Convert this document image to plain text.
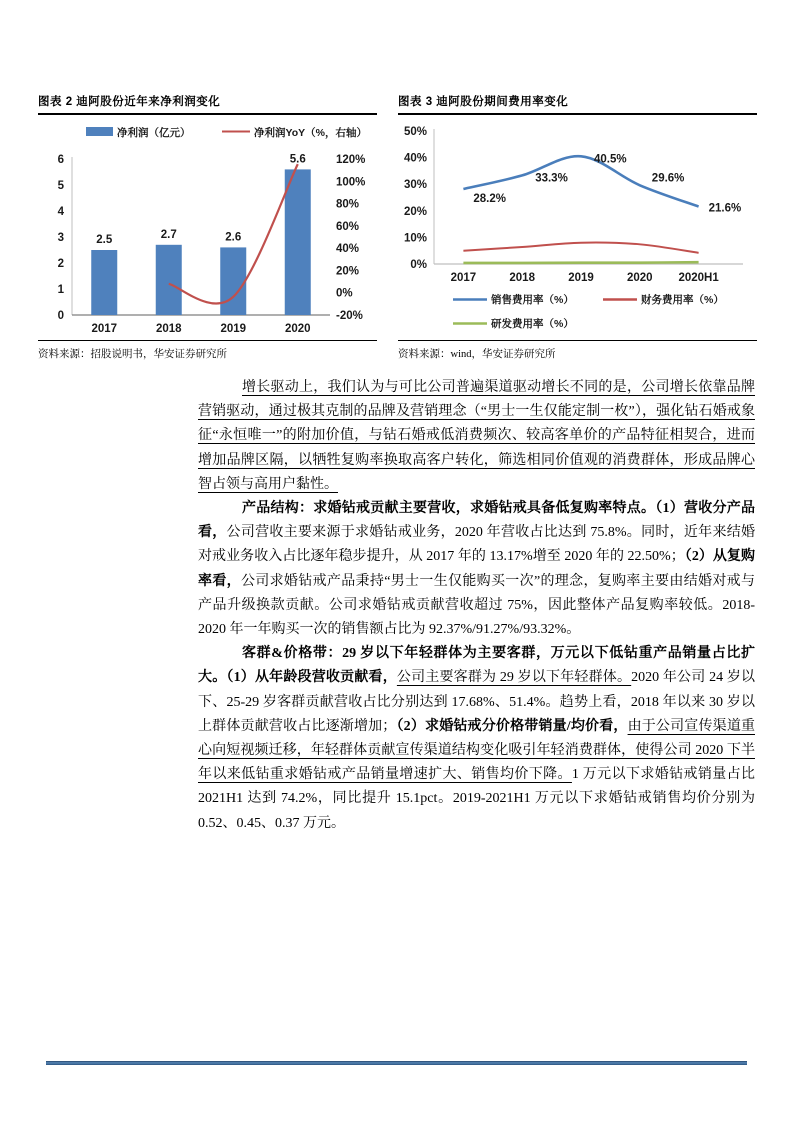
图表 2 迪阿股份近年来净利润变化
净利润（亿元）	净利润YoY（%，右轴）
0
1
2
3
4
5
6
-20%
0%
20%
40%
60%
80%
100%
120%
2.5
2017
2.7
2018
2.6
2019
5.6
2020
资料来源：招股说明书，华安证券研究所
图表 3 迪阿股份期间费用率变化
0%
10%
20%
30%
40%
50%
2017	2018	2019	2020 2020H1
28.2%
33.3%
40.5%
29.6%
21.6%
销售费用率（%）	财务费用率（%）
研发费用率（%）
资料来源：wind，华安证券研究所

增长驱动上，我们认为与可比公司普遍渠道驱动增长不同的是，公司增长依靠品牌营销驱动，通过极其克制的品牌及营销理念（“男士一生仅能定制一枚”），强化钻石婚戒象征“永恒唯一”的附加价值，与钻石婚戒低消费频次、较高客单价的产品特征相契合，进而增加品牌区隔，以牺牲复购率换取高客户转化，筛选相同价值观的消费群体，形成品牌心智占领与高用户黏性。

产品结构：求婚钻戒贡献主要营收，求婚钻戒具备低复购率特点。（1）营收分产品看，公司营收主要来源于求婚钻戒业务，2020 年营收占比达到 75.8%。同时，近年来结婚对戒业务收入占比逐年稳步提升，从 2017 年的 13.17%增至 2020 年的 22.50%；（2）从复购率看，公司求婚钻戒产品秉持“男士一生仅能购买一次”的理念，复购率主要由结婚对戒与产品升级换款贡献。公司求婚钻戒贡献营收超过 75%，因此整体产品复购率较低。2018-2020 年一年购买一次的销售额占比为 92.37%/91.27%/93.32%。

客群&价格带：29 岁以下年轻群体为主要客群，万元以下低钻重产品销量占比扩大。（1）从年龄段营收贡献看，公司主要客群为 29 岁以下年轻群体。2020 年公司 24 岁以下、25-29 岁客群贡献营收占比分别达到 17.68%、51.4%。趋势上看，2018 年以来 30 岁以上群体贡献营收占比逐渐增加；（2）求婚钻戒分价格带销量/均价看，由于公司宣传渠道重心向短视频迁移，年轻群体贡献宣传渠道结构变化吸引年轻消费群体，使得公司 2020 下半年以来低钻重求婚钻戒产品销量增速扩大、销售均价下降。1 万元以下求婚钻戒销量占比 2021H1 达到 74.2%，同比提升 15.1pct。2019-2021H1 万元以下求婚钻戒销售均价分别为 0.52、0.45、0.37 万元。
